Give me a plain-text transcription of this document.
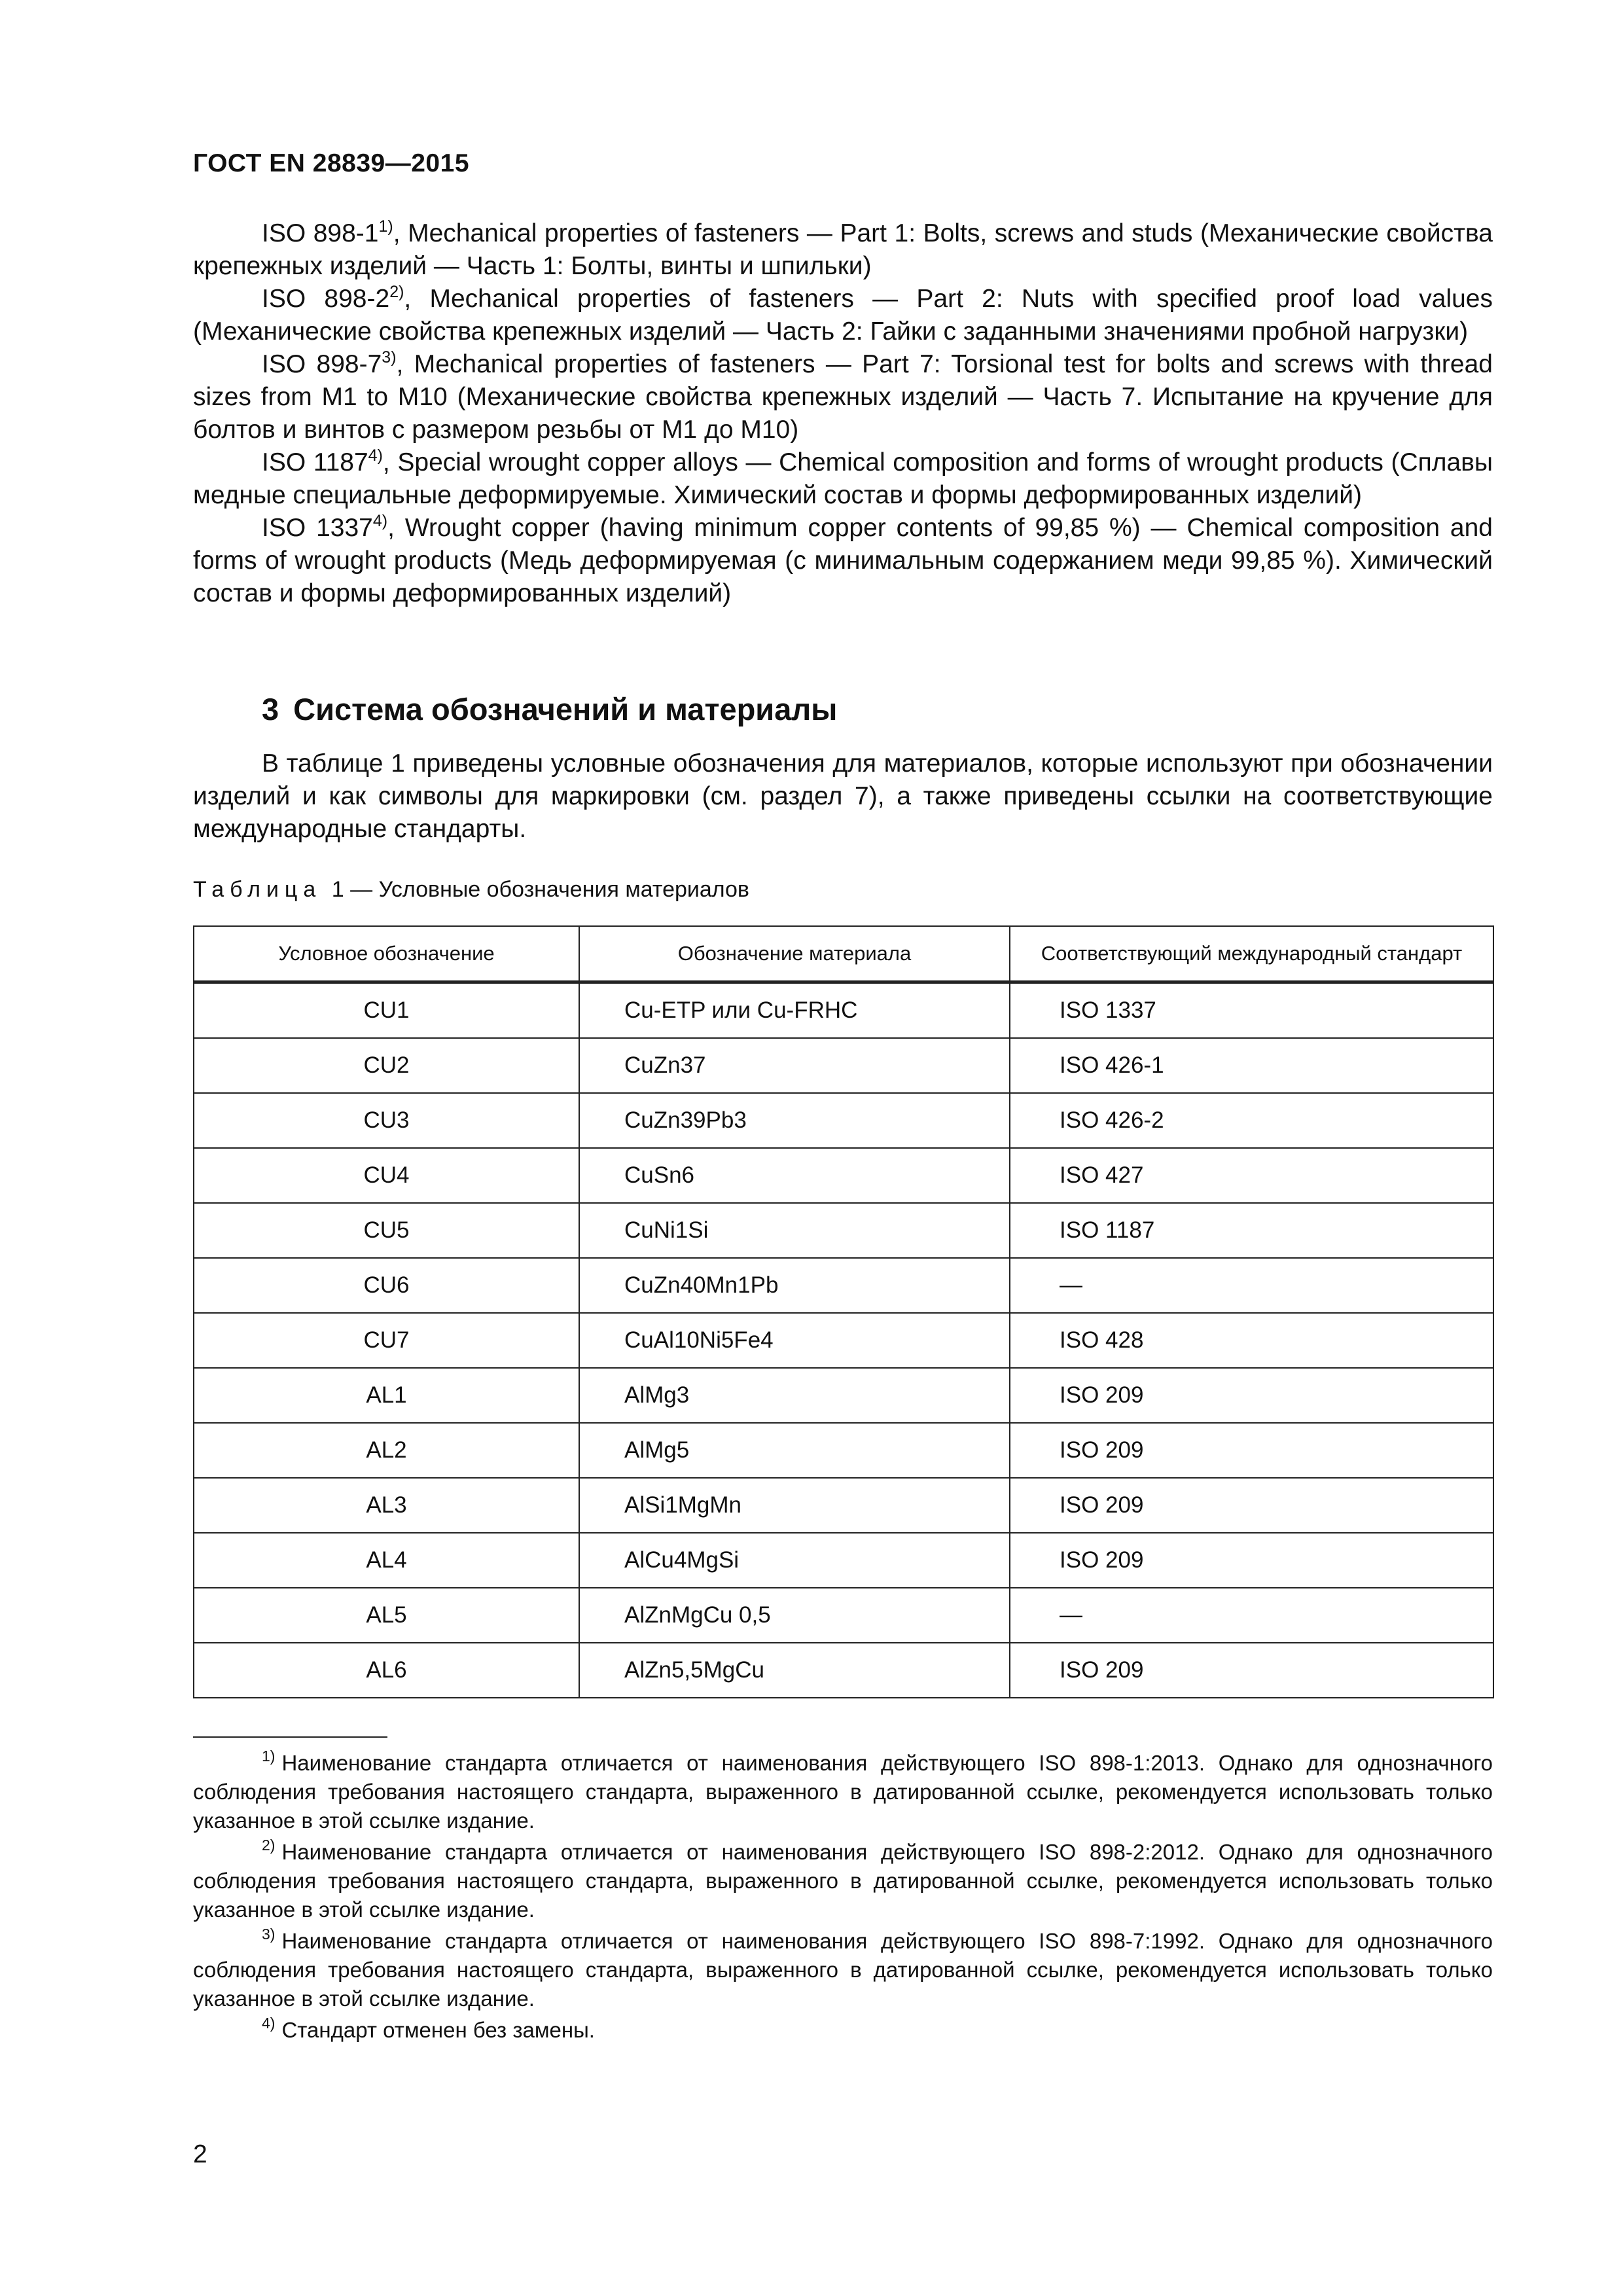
ГОСТ EN 28839—2015

ISO 898-1$^{1)}$, Mechanical properties of fasteners — Part 1: Bolts, screws and studs (Механические свойства крепежных изделий — Часть 1: Болты, винты и шпильки)

ISO 898-2$^{2)}$, Mechanical properties of fasteners — Part 2: Nuts with specified proof load values (Механические свойства крепежных изделий — Часть 2: Гайки с заданными значениями пробной нагрузки)

ISO 898-7$^{3)}$, Mechanical properties of fasteners — Part 7: Torsional test for bolts and screws with thread sizes from M1 to M10 (Механические свойства крепежных изделий — Часть 7. Испытание на кручение для болтов и винтов с размером резьбы от M1 до M10)

ISO 1187$^{4)}$, Special wrought copper alloys — Chemical composition and forms of wrought products (Сплавы медные специальные деформируемые. Химический состав и формы деформированных изделий)

ISO 1337$^{4)}$, Wrought copper (having minimum copper contents of 99,85 %) — Chemical composition and forms of wrought products (Медь деформируемая (с минимальным содержанием меди 99,85 %). Химический состав и формы деформированных изделий)

3 Система обозначений и материалы

В таблице 1 приведены условные обозначения для материалов, которые используют при обозначении изделий и как символы для маркировки (см. раздел 7), а также приведены ссылки на соответствующие международные стандарты.

Таблица 1 — Условные обозначения материалов
Условное обозначение	Обозначение материала	Соответствующий международный стандарт
CU1	Cu-ETP или Cu-FRHC	ISO 1337
CU2	CuZn37	ISO 426-1
CU3	CuZn39Pb3	ISO 426-2
CU4	CuSn6	ISO 427
CU5	CuNi1Si	ISO 1187
CU6	CuZn40Mn1Pb	—
CU7	CuAl10Ni5Fe4	ISO 428
AL1	AlMg3	ISO 209
AL2	AlMg5	ISO 209
AL3	AlSi1MgMn	ISO 209
AL4	AlCu4MgSi	ISO 209
AL5	AlZnMgCu 0,5	—
AL6	AlZn5,5MgCu	ISO 209

$^{1)}$ Наименование стандарта отличается от наименования действующего ISO 898-1:2013. Однако для однозначного соблюдения требования настоящего стандарта, выраженного в датированной ссылке, рекомендуется использовать только указанное в этой ссылке издание.

$^{2)}$ Наименование стандарта отличается от наименования действующего ISO 898-2:2012. Однако для однозначного соблюдения требования настоящего стандарта, выраженного в датированной ссылке, рекомендуется использовать только указанное в этой ссылке издание.

$^{3)}$ Наименование стандарта отличается от наименования действующего ISO 898-7:1992. Однако для однозначного соблюдения требования настоящего стандарта, выраженного в датированной ссылке, рекомендуется использовать только указанное в этой ссылке издание.

$^{4)}$ Стандарт отменен без замены.

2
